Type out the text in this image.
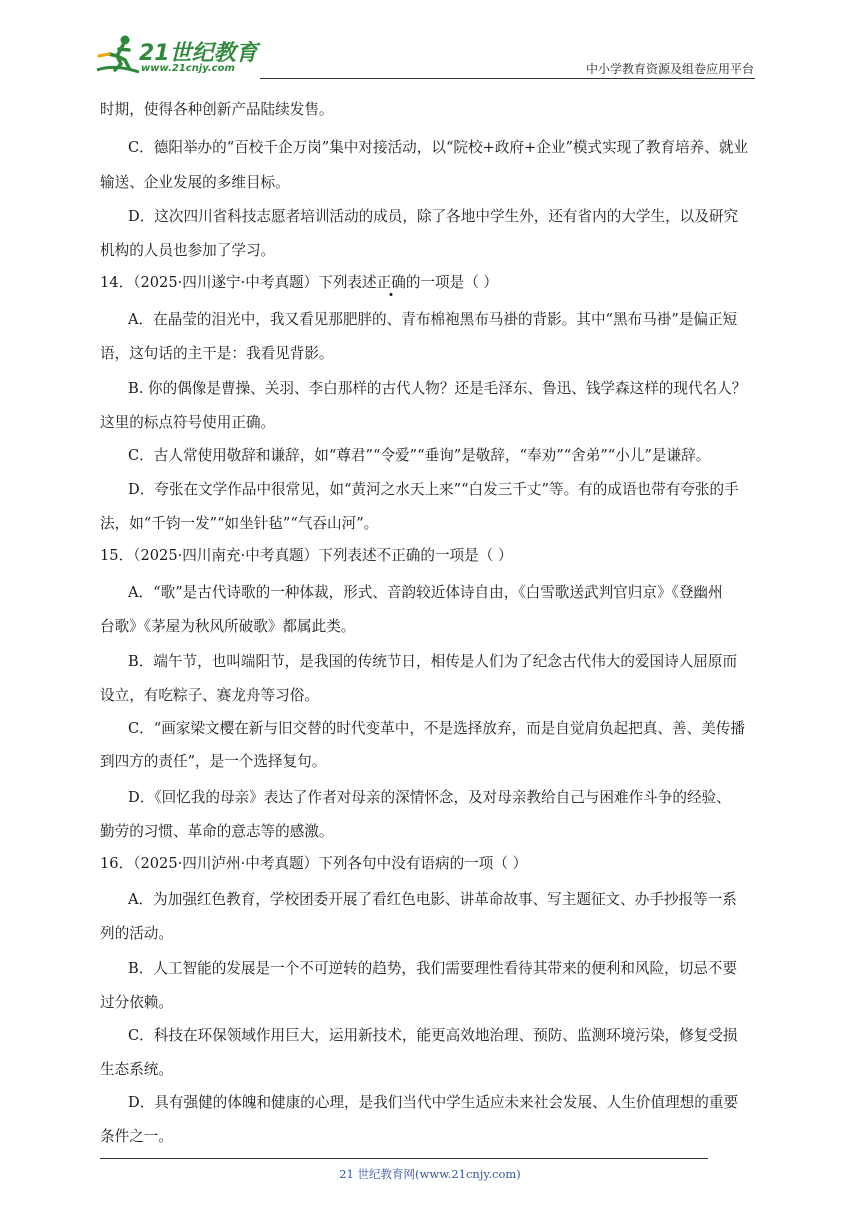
21世纪教育
www.21cnjy.com	中小学教育资源及组卷应用平台
时期，使得各种创新产品陆续发售。
C．德阳举办的“百校千企万岗”集中对接活动，以“院校+政府+企业”模式实现了教育培养、就业
输送、企业发展的多维目标。
D．这次四川省科技志愿者培训活动的成员，除了各地中学生外，还有省内的大学生，以及研究
机构的人员也参加了学习。
14．（2025·四川遂宁·中考真题）下列表述正确的一项是（ ）
A．在晶莹的泪光中，我又看见那肥胖的、青布棉袍黑布马褂的背影。其中“黑布马褂”是偏正短
语，这句话的主干是：我看见背影。
B. 你的偶像是曹操、关羽、李白那样的古代人物？还是毛泽东、鲁迅、钱学森这样的现代名人？
这里的标点符号使用正确。
C．古人常使用敬辞和谦辞，如“尊君”“令爱”“垂询”是敬辞，“奉劝”“舍弟”“小儿”是谦辞。
D．夸张在文学作品中很常见，如“黄河之水天上来”“白发三千丈”等。有的成语也带有夸张的手
法，如“千钧一发”“如坐针毡”“气吞山河”。
15．（2025·四川南充·中考真题）下列表述不正确的一项是（ ）
A．“歌”是古代诗歌的一种体裁，形式、音韵较近体诗自由，《白雪歌送武判官归京》《登幽州
台歌》《茅屋为秋风所破歌》都属此类。
B．端午节，也叫端阳节，是我国的传统节日，相传是人们为了纪念古代伟大的爱国诗人屈原而
设立，有吃粽子、赛龙舟等习俗。
C．“画家梁文樱在新与旧交替的时代变革中，不是选择放弃，而是自觉肩负起把真、善、美传播
到四方的责任”，是一个选择复句。
D．《回忆我的母亲》表达了作者对母亲的深情怀念，及对母亲教给自己与困难作斗争的经验、
勤劳的习惯、革命的意志等的感激。
16．（2025·四川泸州·中考真题）下列各句中没有语病的一项（ ）
A．为加强红色教育，学校团委开展了看红色电影、讲革命故事、写主题征文、办手抄报等一系
列的活动。
B．人工智能的发展是一个不可逆转的趋势，我们需要理性看待其带来的便利和风险，切忌不要
过分依赖。
C．科技在环保领域作用巨大，运用新技术，能更高效地治理、预防、监测环境污染，修复受损
生态系统。
D．具有强健的体魄和健康的心理，是我们当代中学生适应未来社会发展、人生价值理想的重要
条件之一。
21 世纪教育网(www.21cnjy.com)
